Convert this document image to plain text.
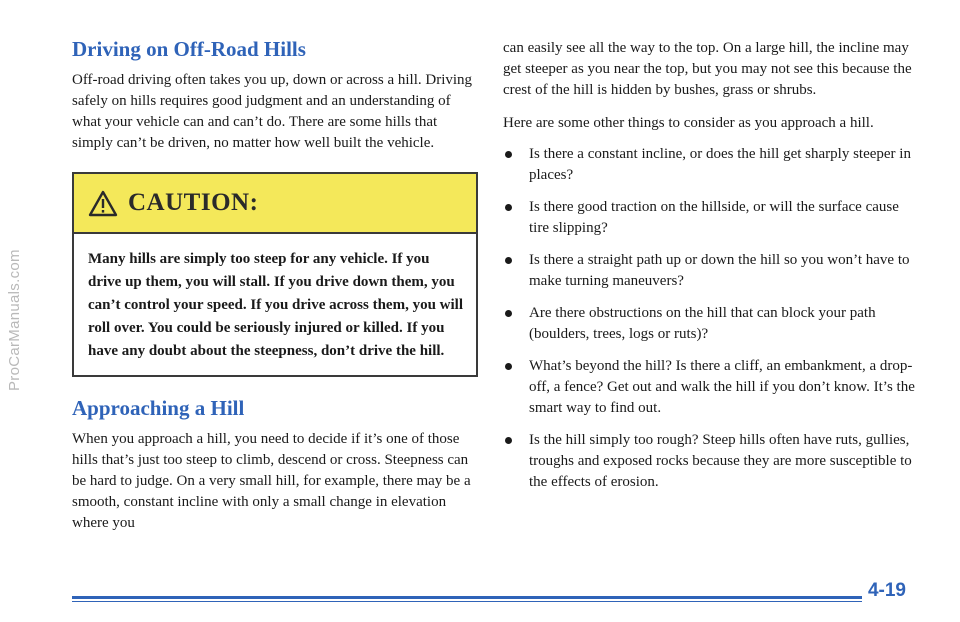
ProCarManuals.com
Driving on Off-Road Hills

Off-road driving often takes you up, down or across a hill. Driving safely on hills requires good judgment and an understanding of what your vehicle can and can’t do. There are some hills that simply can’t be driven, no matter how well built the vehicle.

CAUTION:
Many hills are simply too steep for any vehicle. If you drive up them, you will stall. If you drive down them, you can’t control your speed. If you drive across them, you will roll over. You could be seriously injured or killed. If you have any doubt about the steepness, don’t drive the hill.
Approaching a Hill

When you approach a hill, you need to decide if it’s one of those hills that’s just too steep to climb, descend or cross. Steepness can be hard to judge. On a very small hill, for example, there may be a smooth, constant incline with only a small change in elevation where you

can easily see all the way to the top. On a large hill, the incline may get steeper as you near the top, but you may not see this because the crest of the hill is hidden by bushes, grass or shrubs.

Here are some other things to consider as you approach a hill.

Is there a constant incline, or does the hill get sharply steeper in places?
Is there good traction on the hillside, or will the surface cause tire slipping?
Is there a straight path up or down the hill so you won’t have to make turning maneuvers?
Are there obstructions on the hill that can block your path (boulders, trees, logs or ruts)?
What’s beyond the hill? Is there a cliff, an embankment, a drop-off, a fence? Get out and walk the hill if you don’t know. It’s the smart way to find out.
Is the hill simply too rough? Steep hills often have ruts, gullies, troughs and exposed rocks because they are more susceptible to the effects of erosion.
4-19
